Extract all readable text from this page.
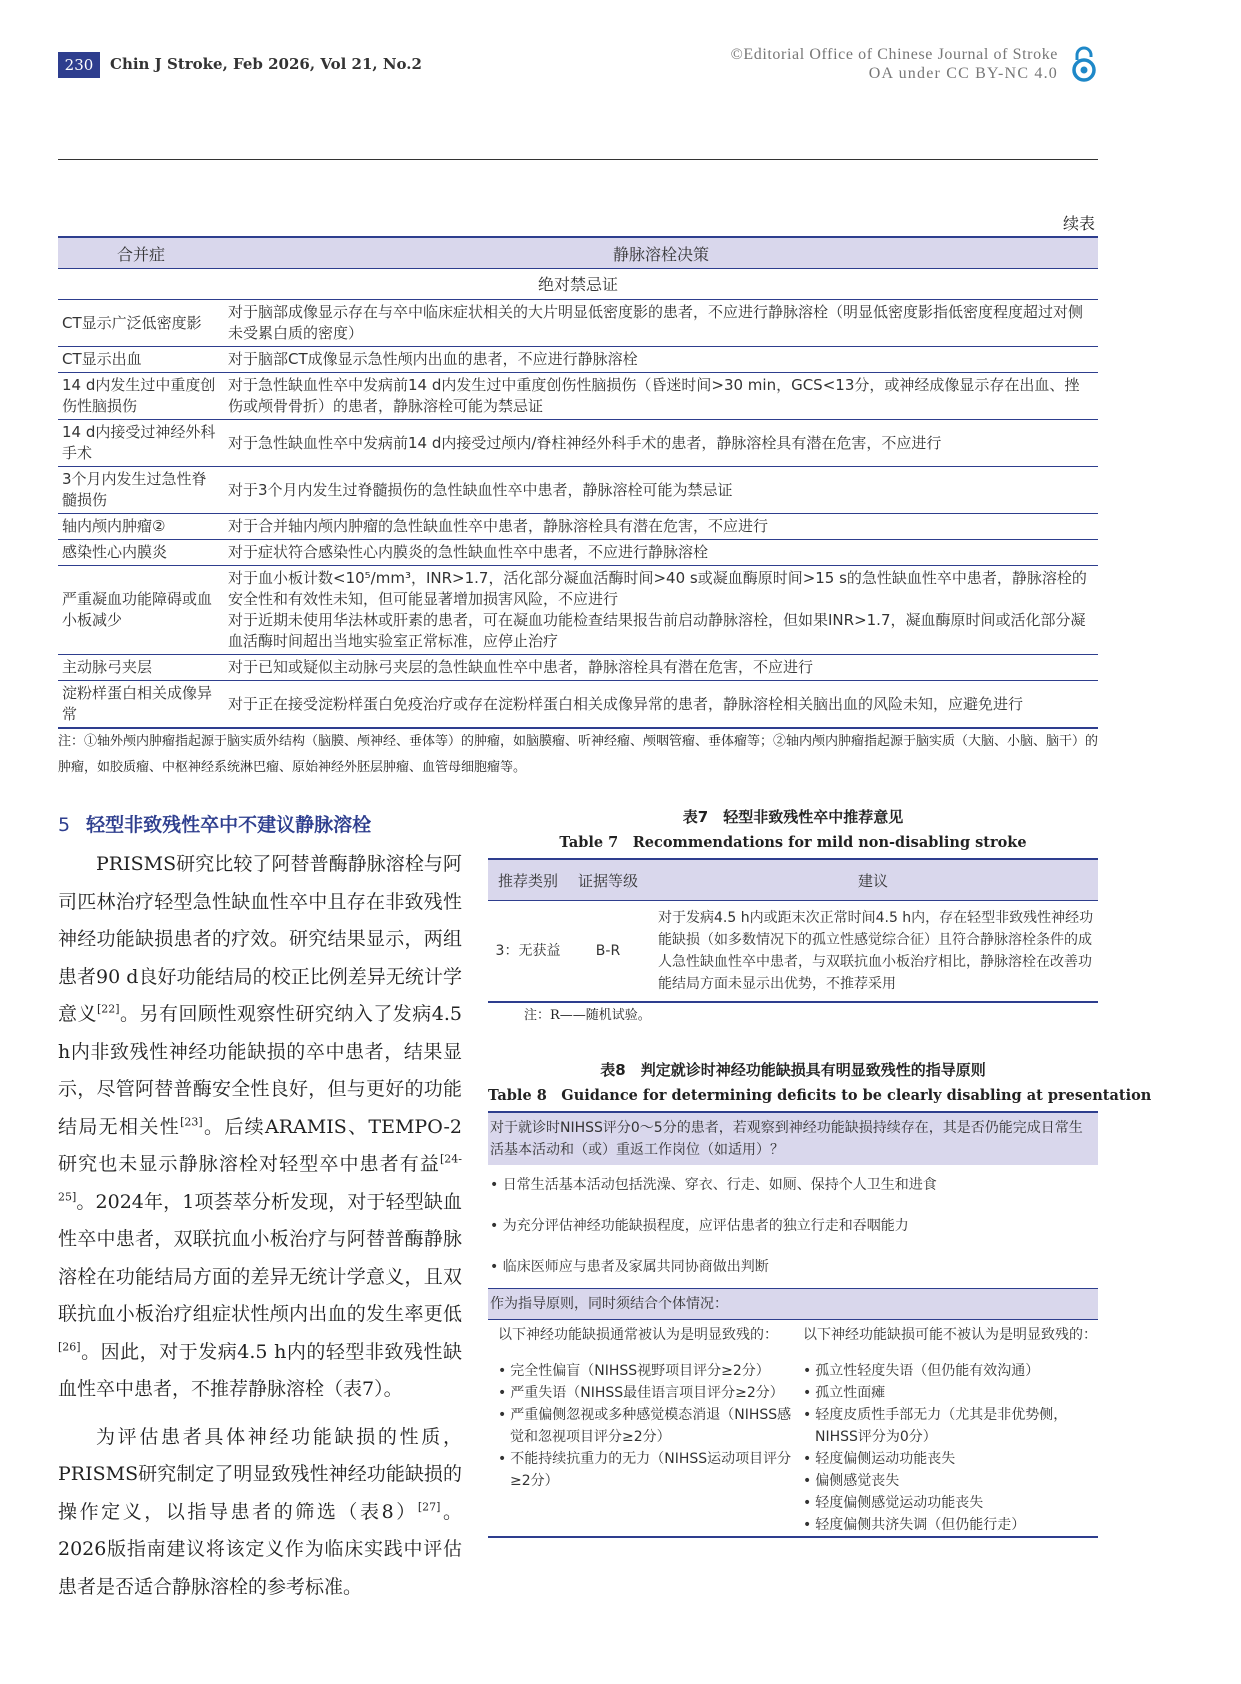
230	Chin J Stroke, Feb 2026, Vol 21, No.2
©Editorial Office of Chinese Journal of Stroke
OA under CC BY-NC 4.0
续表
合并症	静脉溶栓决策
绝对禁忌证	
CT显示广泛低密度影	对于脑部成像显示存在与卒中临床症状相关的大片明显低密度影的患者，不应进行静脉溶栓（明显低密度影指低密度程度超过对侧未受累白质的密度）
CT显示出血	对于脑部CT成像显示急性颅内出血的患者，不应进行静脉溶栓
14 d内发生过中重度创伤性脑损伤	对于急性缺血性卒中发病前14 d内发生过中重度创伤性脑损伤（昏迷时间>30 min，GCS<13分，或神经成像显示存在出血、挫伤或颅骨骨折）的患者，静脉溶栓可能为禁忌证
14 d内接受过神经外科手术	对于急性缺血性卒中发病前14 d内接受过颅内/脊柱神经外科手术的患者，静脉溶栓具有潜在危害，不应进行
3个月内发生过急性脊髓损伤	对于3个月内发生过脊髓损伤的急性缺血性卒中患者，静脉溶栓可能为禁忌证
轴内颅内肿瘤②	对于合并轴内颅内肿瘤的急性缺血性卒中患者，静脉溶栓具有潜在危害，不应进行
感染性心内膜炎	对于症状符合感染性心内膜炎的急性缺血性卒中患者，不应进行静脉溶栓
严重凝血功能障碍或血小板减少	对于血小板计数<10⁵/mm³，INR>1.7，活化部分凝血活酶时间>40 s或凝血酶原时间>15 s的急性缺血性卒中患者，静脉溶栓的安全性和有效性未知，但可能显著增加损害风险，不应进行
对于近期未使用华法林或肝素的患者，可在凝血功能检查结果报告前启动静脉溶栓，但如果INR>1.7，凝血酶原时间或活化部分凝血活酶时间超出当地实验室正常标准，应停止治疗

主动脉弓夹层	对于已知或疑似主动脉弓夹层的急性缺血性卒中患者，静脉溶栓具有潜在危害，不应进行
淀粉样蛋白相关成像异常	对于正在接受淀粉样蛋白免疫治疗或存在淀粉样蛋白相关成像异常的患者，静脉溶栓相关脑出血的风险未知，应避免进行
注：①轴外颅内肿瘤指起源于脑实质外结构（脑膜、颅神经、垂体等）的肿瘤，如脑膜瘤、听神经瘤、颅咽管瘤、垂体瘤等；②轴内颅内肿瘤指起源于脑实质（大脑、小脑、脑干）的肿瘤，如胶质瘤、中枢神经系统淋巴瘤、原始神经外胚层肿瘤、血管母细胞瘤等。
5 轻型非致残性卒中不建议静脉溶栓

PRISMS研究比较了阿替普酶静脉溶栓与阿司匹林治疗轻型急性缺血性卒中且存在非致残性神经功能缺损患者的疗效。研究结果显示，两组患者90 d良好功能结局的校正比例差异无统计学意义[22]。另有回顾性观察性研究纳入了发病4.5 h内非致残性神经功能缺损的卒中患者，结果显示，尽管阿替普酶安全性良好，但与更好的功能结局无相关性[23]。后续ARAMIS、TEMPO-2研究也未显示静脉溶栓对轻型卒中患者有益[24-25]。2024年，1项荟萃分析发现，对于轻型缺血性卒中患者，双联抗血小板治疗与阿替普酶静脉溶栓在功能结局方面的差异无统计学意义，且双联抗血小板治疗组症状性颅内出血的发生率更低[26]。因此，对于发病4.5 h内的轻型非致残性缺血性卒中患者，不推荐静脉溶栓（表7）。

为评估患者具体神经功能缺损的性质，PRISMS研究制定了明显致残性神经功能缺损的操作定义，以指导患者的筛选（表8）[27]。2026版指南建议将该定义作为临床实践中评估患者是否适合静脉溶栓的参考标准。

表7　轻型非致残性卒中推荐意见
Table 7　Recommendations for mild non-disabling stroke
推荐类别	证据等级	建议
3：无获益	B-R	对于发病4.5 h内或距末次正常时间4.5 h内，存在轻型非致残性神经功能缺损（如多数情况下的孤立性感觉综合征）且符合静脉溶栓条件的成人急性缺血性卒中患者，与双联抗血小板治疗相比，静脉溶栓在改善功能结局方面未显示出优势，不推荐采用
注：R——随机试验。
表8　判定就诊时神经功能缺损具有明显致残性的指导原则
Table 8　Guidance for determining deficits to be clearly disabling at presentation
对于就诊时NIHSS评分0～5分的患者，若观察到神经功能缺损持续存在，其是否仍能完成日常生活基本活动和（或）重返工作岗位（如适用）？
• 日常生活基本活动包括洗澡、穿衣、行走、如厕、保持个人卫生和进食
• 为充分评估神经功能缺损程度，应评估患者的独立行走和吞咽能力
• 临床医师应与患者及家属共同协商做出判断
作为指导原则，同时须结合个体情况：
以下神经功能缺损通常被认为是明显致残的：
• 完全性偏盲（NIHSS视野项目评分≥2分）
• 严重失语（NIHSS最佳语言项目评分≥2分）
• 严重偏侧忽视或多种感觉模态消退（NIHSS感觉和忽视项目评分≥2分）
• 不能持续抗重力的无力（NIHSS运动项目评分≥2分）
以下神经功能缺损可能不被认为是明显致残的：
• 孤立性轻度失语（但仍能有效沟通）
• 孤立性面瘫
• 轻度皮质性手部无力（尤其是非优势侧，NIHSS评分为0分）
• 轻度偏侧运动功能丧失
• 偏侧感觉丧失
• 轻度偏侧感觉运动功能丧失
• 轻度偏侧共济失调（但仍能行走）
